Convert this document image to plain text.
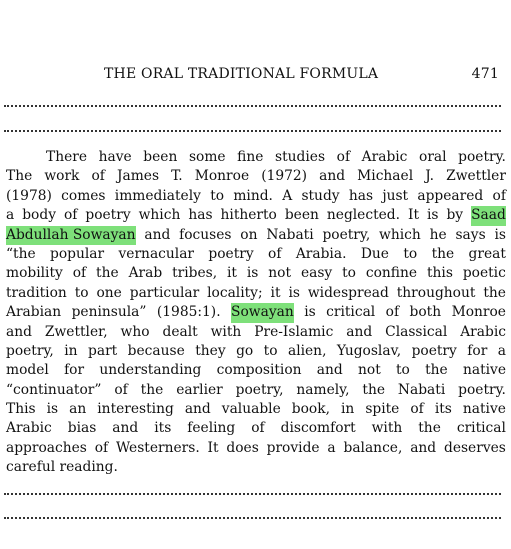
THE ORAL TRADITIONAL FORMULA	471
There have been some fine studies of Arabic oral poetry.
The work of James T. Monroe (1972) and Michael J. Zwettler
(1978) comes immediately to mind. A study has just appeared of
a body of poetry which has hitherto been neglected. It is by Saad
Abdullah Sowayan and focuses on Nabati poetry, which he says is
“the popular vernacular poetry of Arabia. Due to the great
mobility of the Arab tribes, it is not easy to confine this poetic
tradition to one particular locality; it is widespread throughout the
Arabian peninsula” (1985:1). Sowayan is critical of both Monroe
and Zwettler, who dealt with Pre-Islamic and Classical Arabic
poetry, in part because they go to alien, Yugoslav, poetry for a
model for understanding composition and not to the native
“continuator” of the earlier poetry, namely, the Nabati poetry.
This is an interesting and valuable book, in spite of its native
Arabic bias and its feeling of discomfort with the critical
approaches of Westerners. It does provide a balance, and deserves
careful reading.
